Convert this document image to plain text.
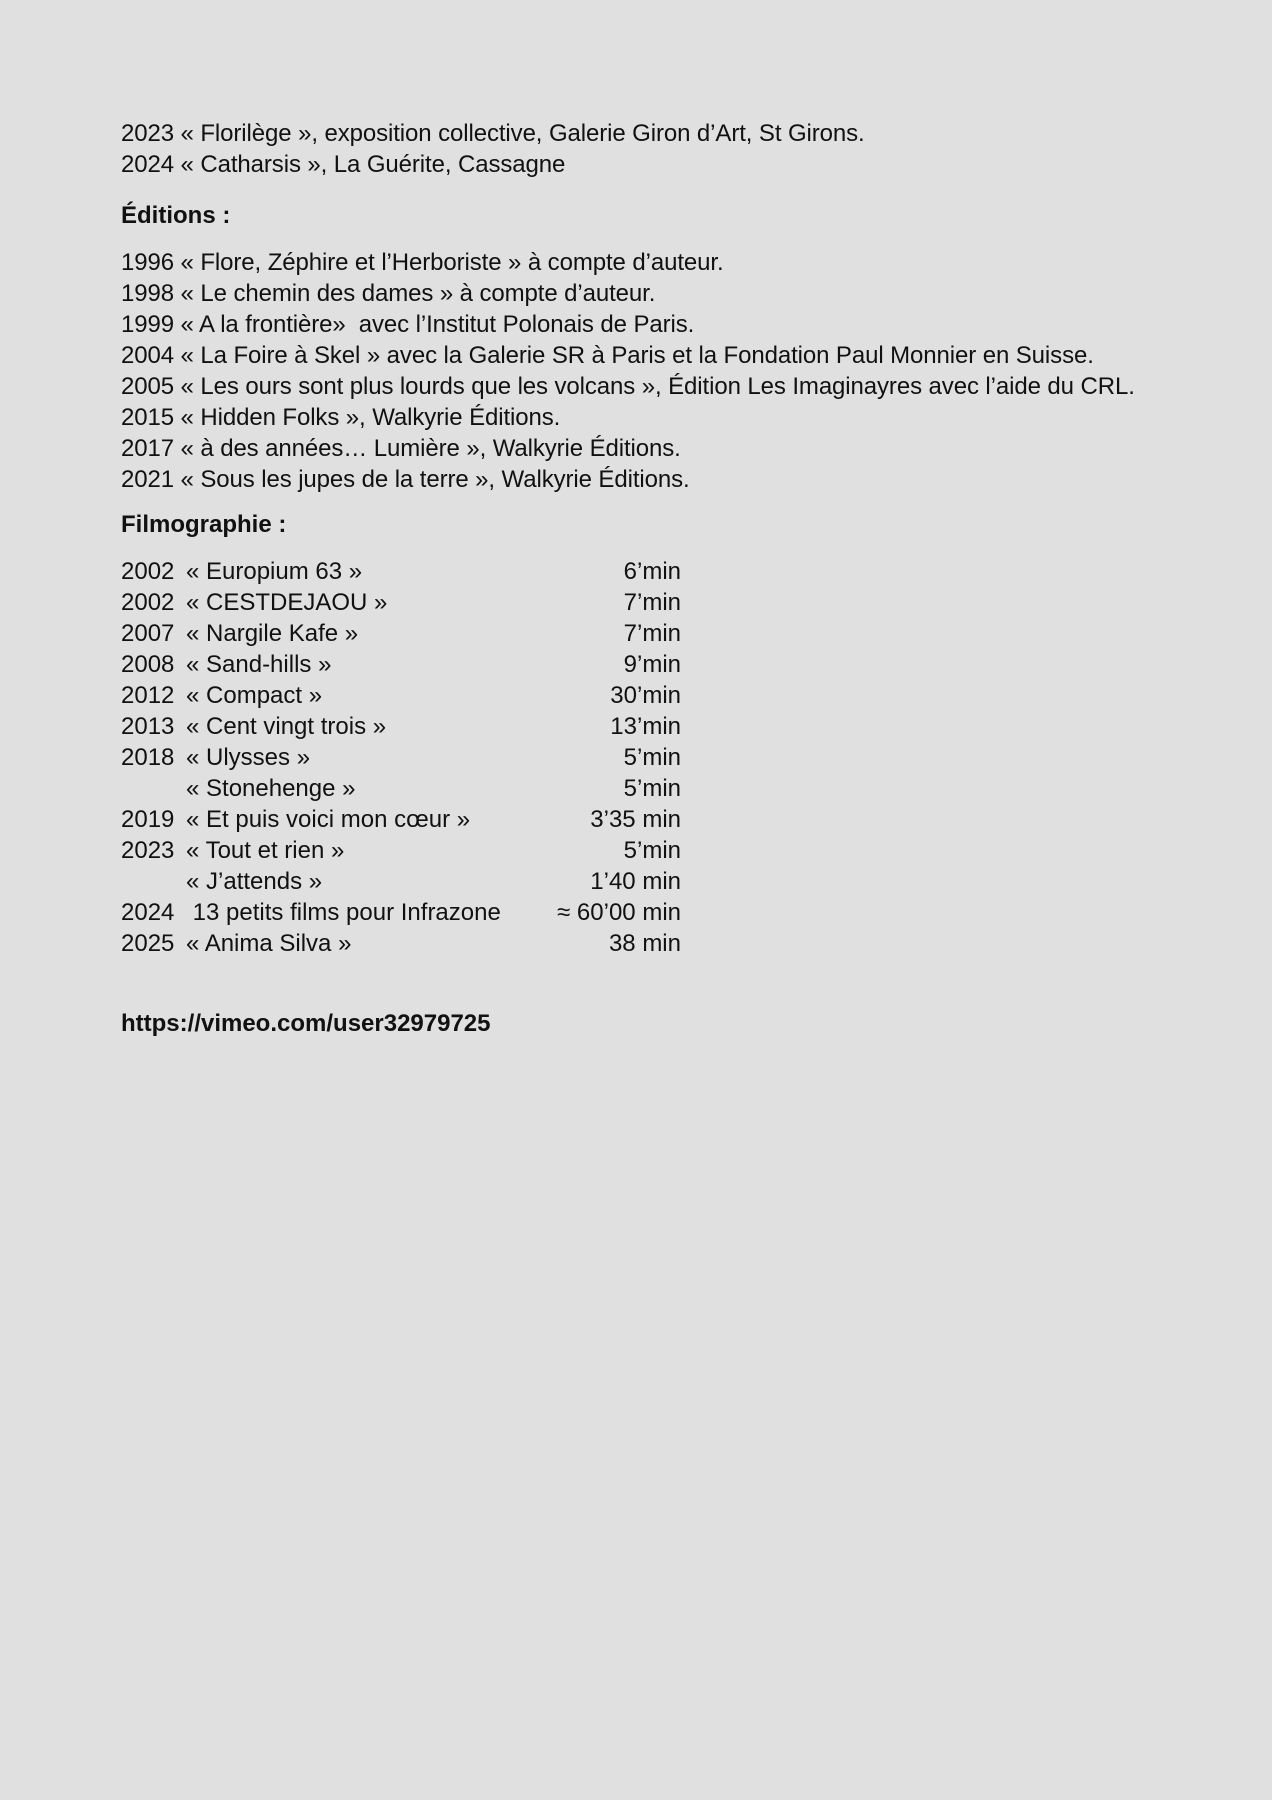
2023 « Florilège », exposition collective, Galerie Giron d’Art, St Girons.
2024 « Catharsis », La Guérite, Cassagne
Éditions :
1996 « Flore, Zéphire et l’Herboriste » à compte d’auteur.
1998 « Le chemin des dames » à compte d’auteur.
1999 « A la frontière»  avec l’Institut Polonais de Paris.
2004 « La Foire à Skel » avec la Galerie SR à Paris et la Fondation Paul Monnier en Suisse.
2005 « Les ours sont plus lourds que les volcans », Édition Les Imaginayres avec l’aide du CRL.
2015 « Hidden Folks », Walkyrie Éditions.
2017 « à des années… Lumière », Walkyrie Éditions.
2021 « Sous les jupes de la terre », Walkyrie Éditions.
Filmographie :
2002 « Europium 63 »	6’min
2002 « CESTDEJAOU »	7’min
2007 « Nargile Kafe »	7’min
2008 « Sand-hills »	9’min
2012 « Compact »	30’min
2013 « Cent vingt trois »	13’min
2018 « Ulysses »	5’min
« Stonehenge »	5’min
2019 « Et puis voici mon cœur »	3’35 min
2023 « Tout et rien »	5’min
« J’attends »	1’40 min
2024 13 petits films pour Infrazone	≈ 60’00 min
2025 « Anima Silva »	38 min
https://vimeo.com/user32979725
